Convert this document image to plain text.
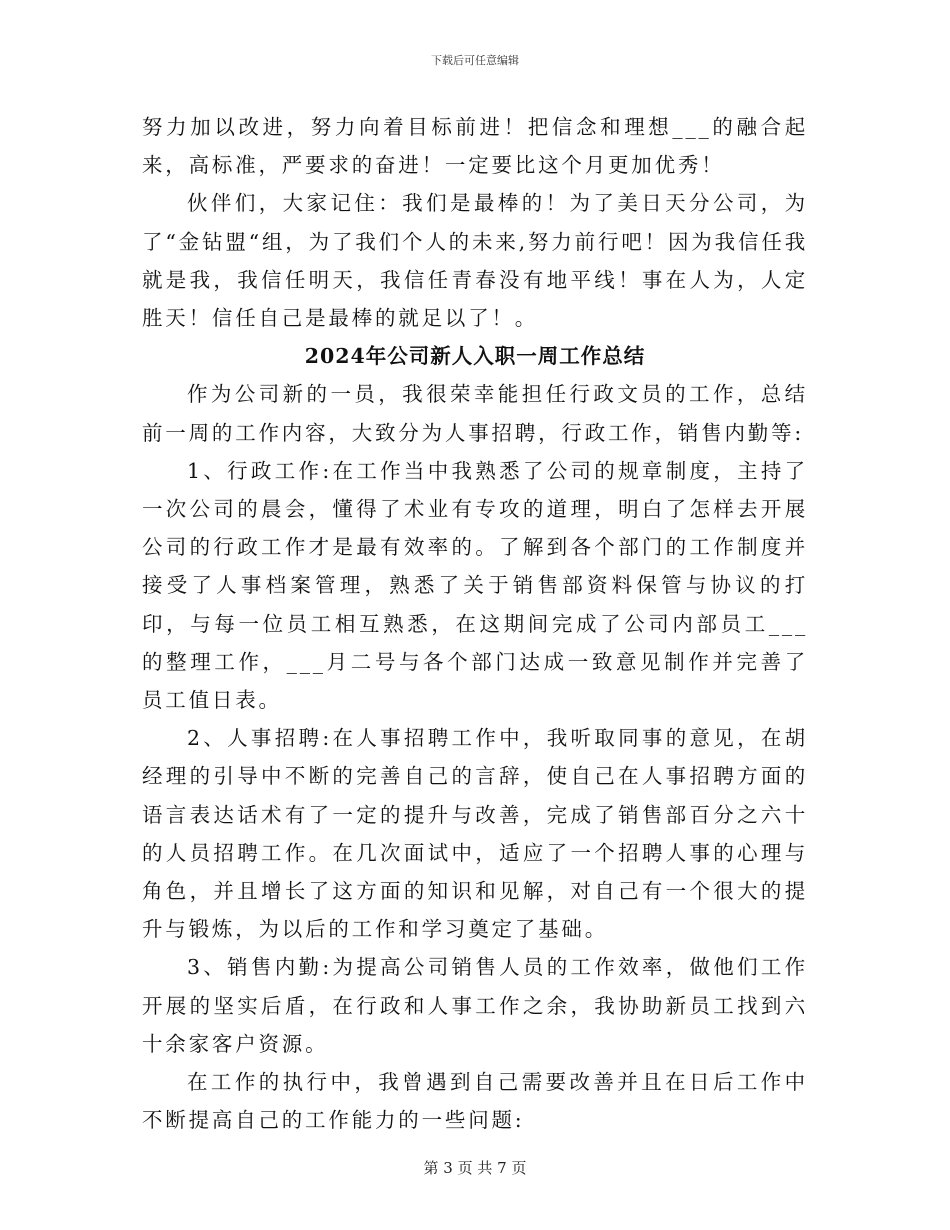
下载后可任意编辑

努力加以改进，努力向着目标前进！把信念和理想___的融合起来，高标准，严要求的奋进！一定要比这个月更加优秀！

伙伴们，大家记住：我们是最棒的！为了美日天分公司，为了“金钻盟“组，为了我们个人的未来,努力前行吧！因为我信任我就是我，我信任明天，我信任青春没有地平线！事在人为，人定胜天！信任自己是最棒的就足以了！。

2024年公司新人入职一周工作总结

作为公司新的一员，我很荣幸能担任行政文员的工作，总结前一周的工作内容，大致分为人事招聘，行政工作，销售内勤等:

1、行政工作:在工作当中我熟悉了公司的规章制度，主持了一次公司的晨会，懂得了术业有专攻的道理，明白了怎样去开展公司的行政工作才是最有效率的。了解到各个部门的工作制度并接受了人事档案管理，熟悉了关于销售部资料保管与协议的打印，与每一位员工相互熟悉，在这期间完成了公司内部员工___的整理工作，___月二号与各个部门达成一致意见制作并完善了员工值日表。

2、人事招聘:在人事招聘工作中，我听取同事的意见，在胡经理的引导中不断的完善自己的言辞，使自己在人事招聘方面的语言表达话术有了一定的提升与改善，完成了销售部百分之六十的人员招聘工作。在几次面试中，适应了一个招聘人事的心理与角色，并且增长了这方面的知识和见解，对自己有一个很大的提升与锻炼，为以后的工作和学习奠定了基础。

3、销售内勤:为提高公司销售人员的工作效率，做他们工作开展的坚实后盾，在行政和人事工作之余，我协助新员工找到六十余家客户资源。

在工作的执行中，我曾遇到自己需要改善并且在日后工作中不断提高自己的工作能力的一些问题:

第 3 页 共 7 页
